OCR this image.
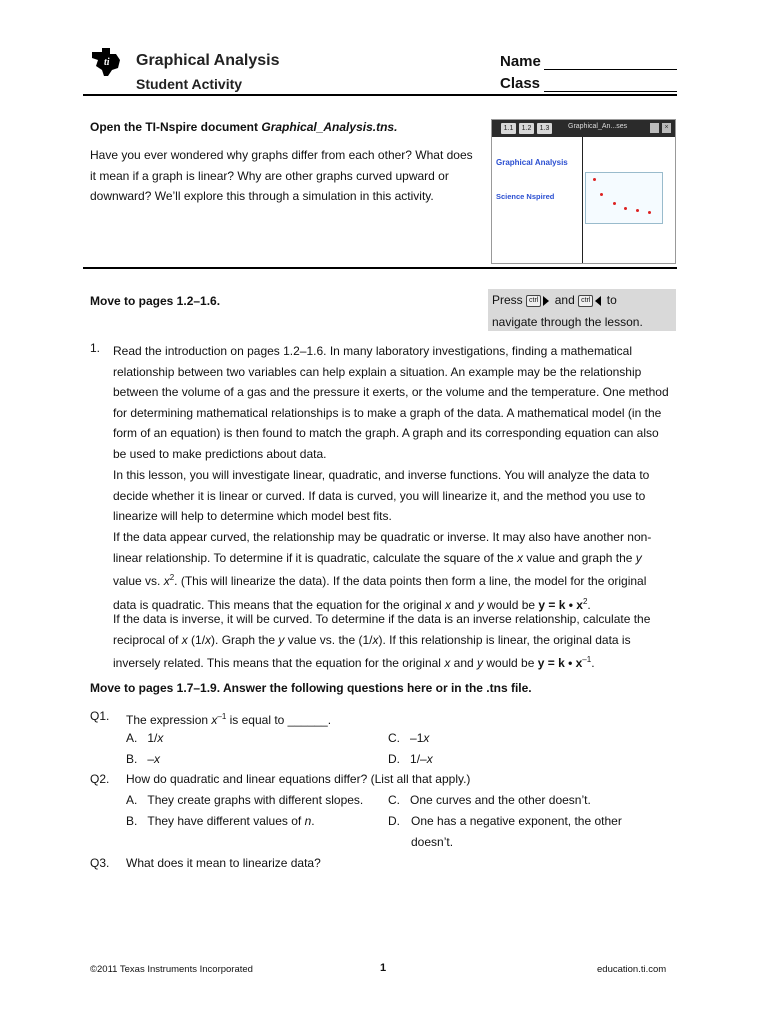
ti Graphical Analysis
Student Activity
Name
Class
Open the TI-Nspire document Graphical_Analysis.tns.
Have you ever wondered why graphs differ from each other? What does it mean if a graph is linear? Why are other graphs curved upward or downward? We’ll explore this through a simulation in this activity.
1.1	1.2	1.3	Graphical_An...ses	×
Graphical Analysis
Science Nspired
Move to pages 1.2–1.6.	Press ctrl and ctrl to
navigate through the lesson.
1. Read the introduction on pages 1.2–1.6. In many laboratory investigations, finding a mathematical relationship between two variables can help explain a situation. An example may be the relationship between the volume of a gas and the pressure it exerts, or the volume and the temperature. One method for determining mathematical relationships is to make a graph of the data. A mathematical model (in the form of an equation) is then found to match the graph. A graph and its corresponding equation can also be used to make predictions about data.
In this lesson, you will investigate linear, quadratic, and inverse functions. You will analyze the data to decide whether it is linear or curved. If data is curved, you will linearize it, and the method you use to linearize will help to determine which model best fits.
If the data appear curved, the relationship may be quadratic or inverse. It may also have another non-linear relationship. To determine if it is quadratic, calculate the square of the x value and graph the y value vs. $x^2$. (This will linearize the data). If the data points then form a line, the model for the original data is quadratic. This means that the equation for the original x and y would be y = k • $x^2$.
If the data is inverse, it will be curved. To determine if the data is an inverse relationship, calculate the reciprocal of x (1/x). Graph the y value vs. the (1/x). If this relationship is linear, the original data is inversely related. This means that the equation for the original x and y would be y = k • $x^{-1}$.
Move to pages 1.7–1.9. Answer the following questions here or in the .tns file.
Q1. The expression $x^{-1}$ is equal to ______.
A. 1/x	C. –1x
B. –x	D. 1/–x
Q2. How do quadratic and linear equations differ? (List all that apply.)
A. They create graphs with different slopes. C. One curves and the other doesn’t.
B. They have different values of n.	D. One has a negative exponent, the other doesn’t.
Q3. What does it mean to linearize data?
©2011 Texas Instruments Incorporated	1	education.ti.com
